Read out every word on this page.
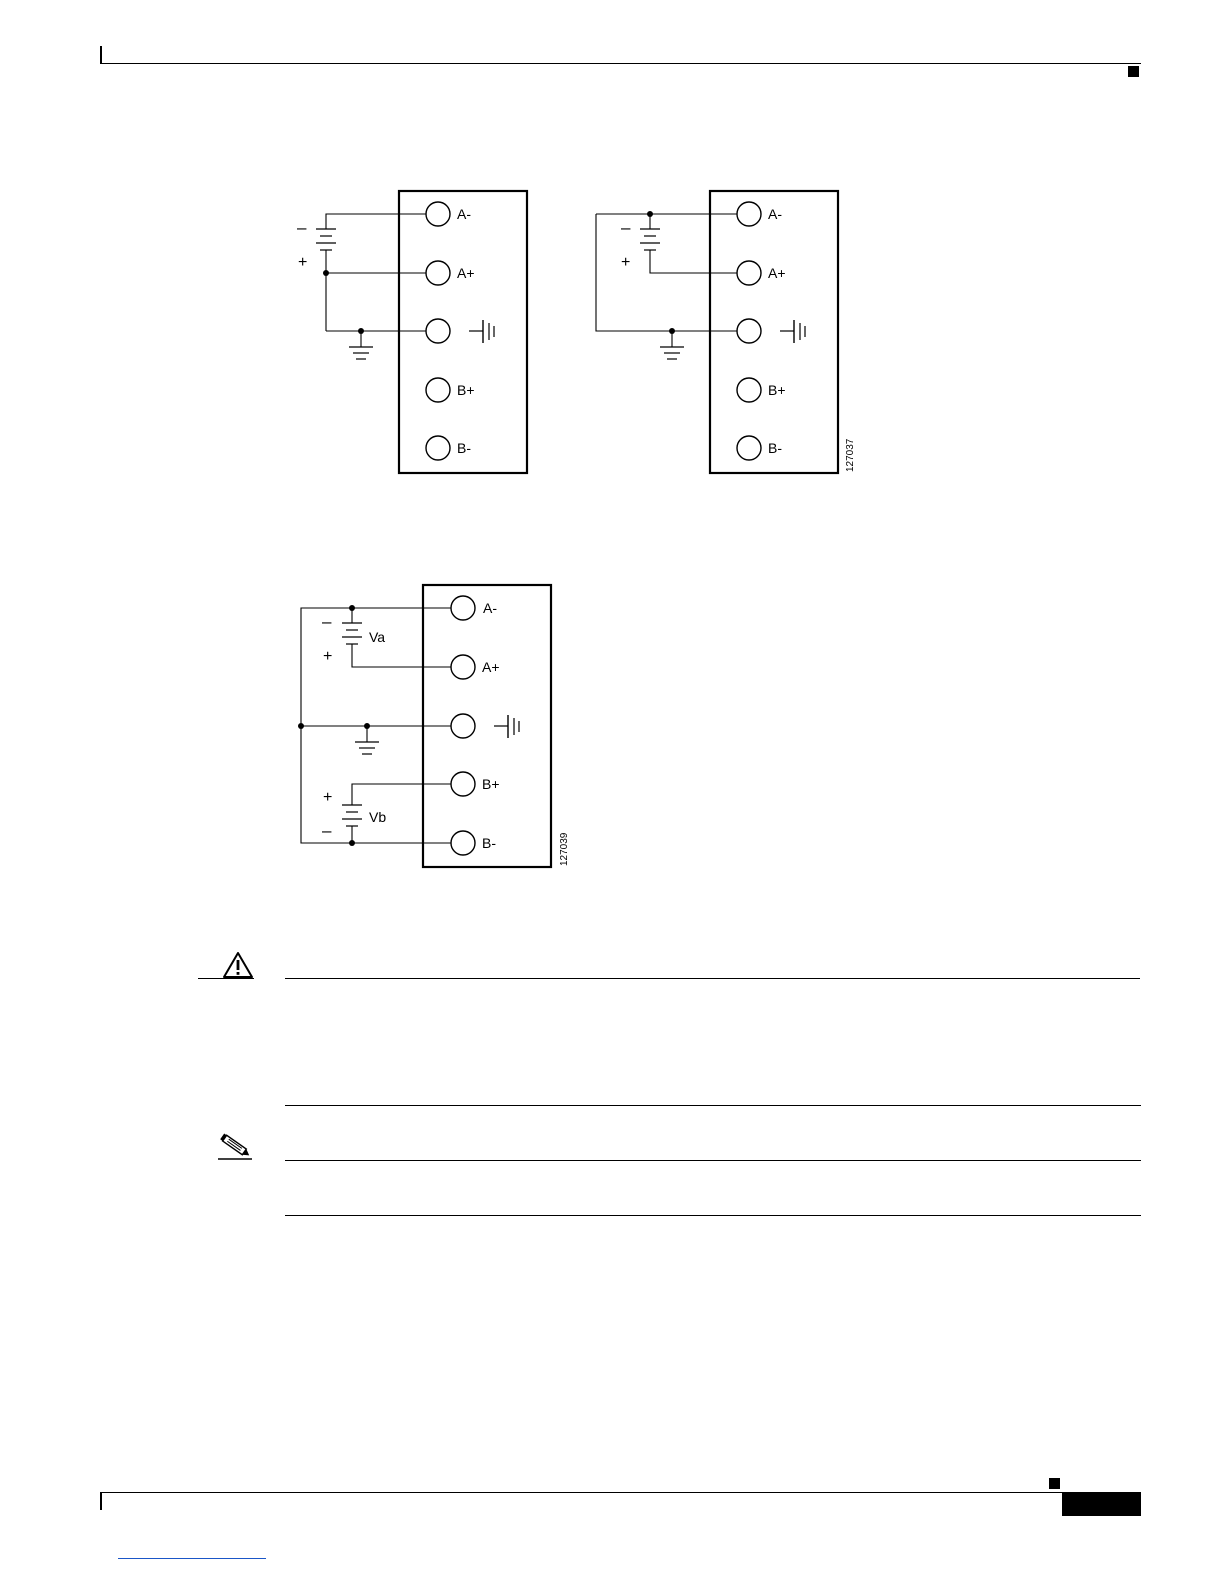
A-
A+
B+
B-
–
+
A-
A+
B+
B-
–
+
127037
A-
A+
B+
B-
Va
Vb
–
+
+
–
127039
